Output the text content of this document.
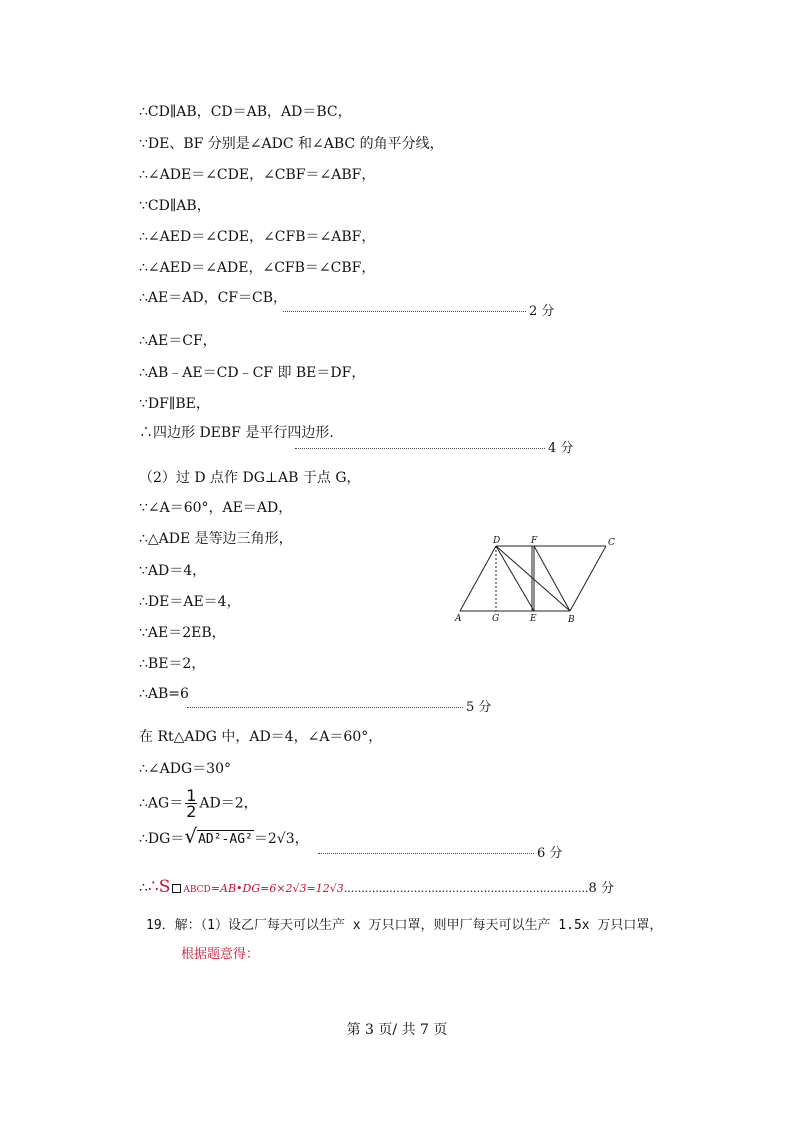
∴CD∥AB，CD＝AB，AD＝BC，
∵DE、BF 分别是∠ADC 和∠ABC 的角平分线，
∴∠ADE＝∠CDE，∠CBF＝∠ABF，
∵CD∥AB，
∴∠AED＝∠CDE，∠CFB＝∠ABF，
∴∠AED＝∠ADE，∠CFB＝∠CBF，
∴AE＝AD，CF＝CB，
2 分
∴AE＝CF，
∴AB﹣AE＝CD﹣CF 即 BE＝DF，
∵DF∥BE，
∴四边形 DEBF 是平行四边形．
4 分
（2）过 D 点作 DG⊥AB 于点 G，
∵∠A＝60°，AE＝AD，
∴△ADE 是等边三角形，
∵AD＝4，
∴DE＝AE＝4，
∵AE＝2EB，
∴BE＝2，
∴AB=6
5 分
在 Rt△ADG 中，AD＝4，∠A＝60°，
∴∠ADG＝30°
∴AG＝ $\frac{1}{2} AD=2$，
∴DG＝√AD²-AG²＝2√3，
6 分
∴∴S ABCD=AB•DG=6×2√3=12√3......................................................................8 分
19．解：（1）设乙厂每天可以生产 x 万只口罩，则甲厂每天可以生产 1.5x 万只口罩，
根据题意得：
D	F	C
A	G	E	B
第 3 页/ 共 7 页
